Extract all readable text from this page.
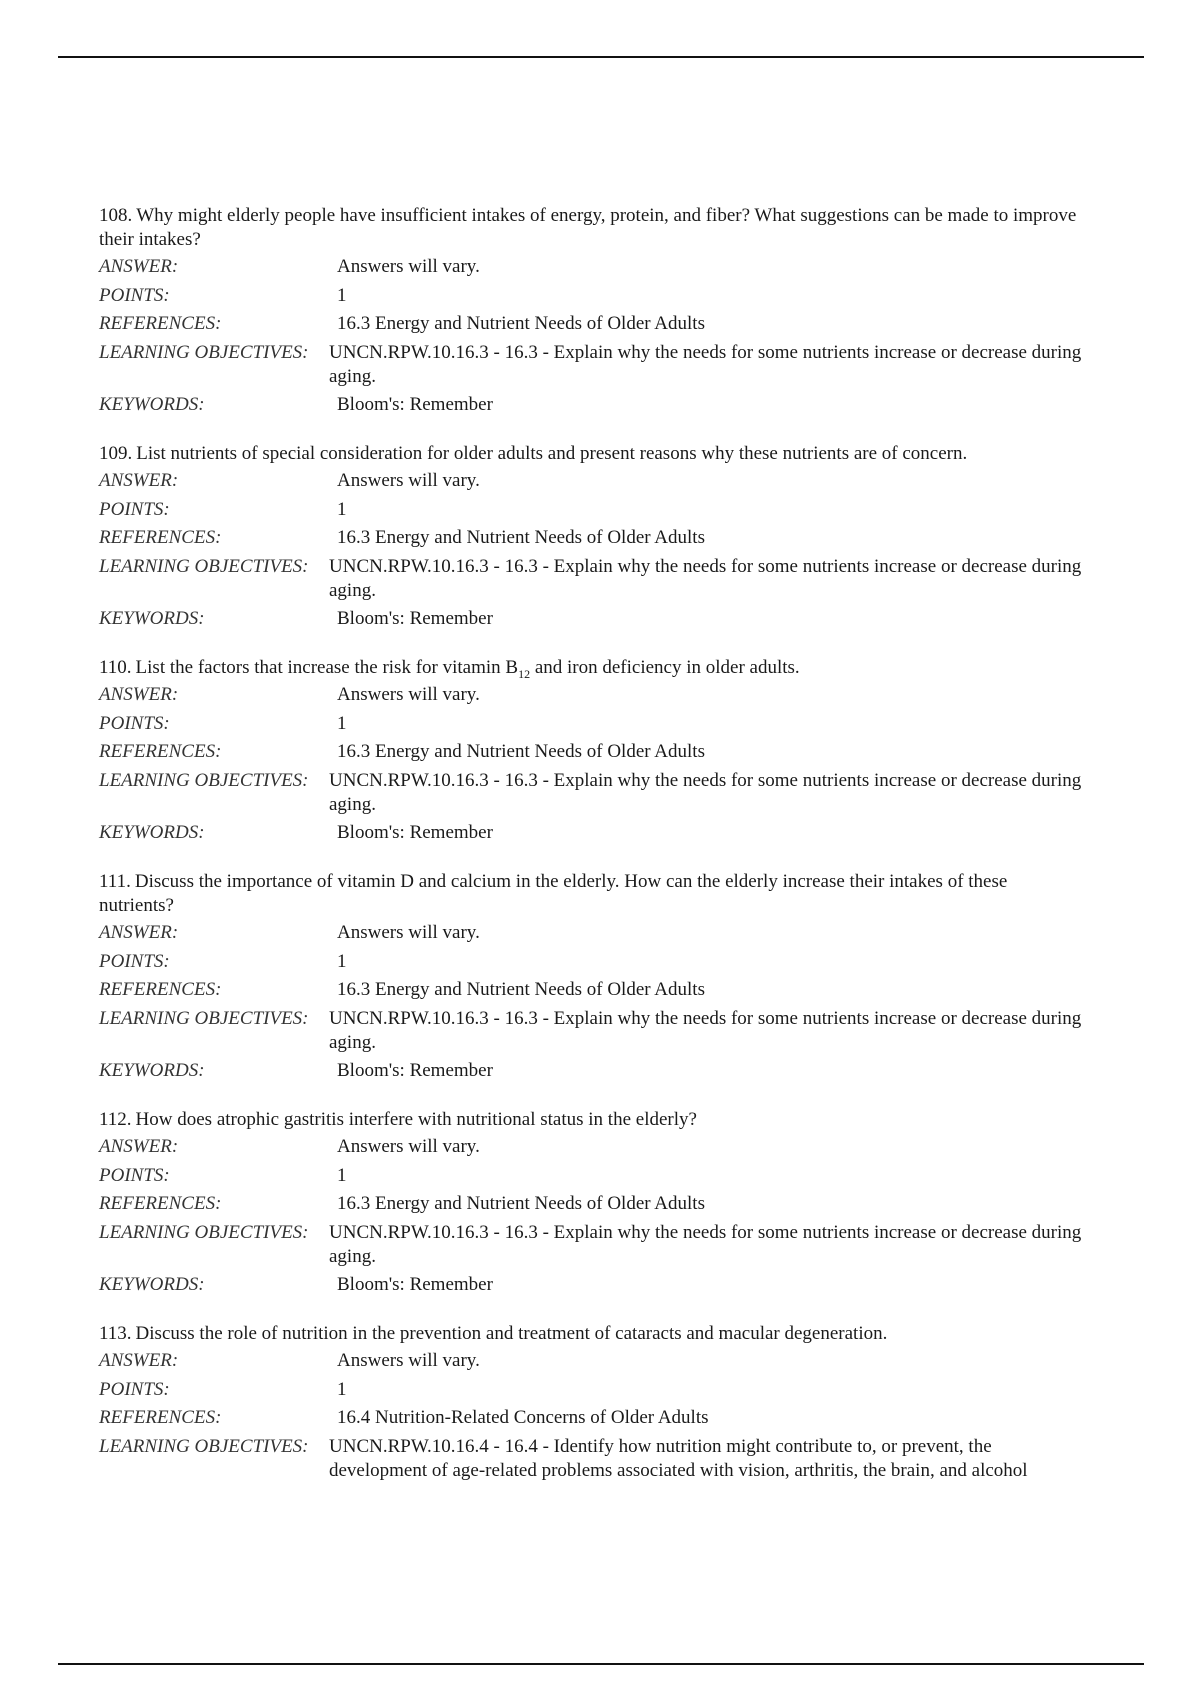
108. Why might elderly people have insufficient intakes of energy, protein, and fiber? What suggestions can be made to improve their intakes?

ANSWER:	Answers will vary.
POINTS:	1
REFERENCES:	16.3 Energy and Nutrient Needs of Older Adults
LEARNING OBJECTIVES:	UNCN.RPW.10.16.3 - 16.3 - Explain why the needs for some nutrients increase or decrease during aging.
KEYWORDS:	Bloom's: Remember

109. List nutrients of special consideration for older adults and present reasons why these nutrients are of concern.

ANSWER:	Answers will vary.
POINTS:	1
REFERENCES:	16.3 Energy and Nutrient Needs of Older Adults
LEARNING OBJECTIVES:	UNCN.RPW.10.16.3 - 16.3 - Explain why the needs for some nutrients increase or decrease during aging.
KEYWORDS:	Bloom's: Remember

110. List the factors that increase the risk for vitamin $B_{12}$ and iron deficiency in older adults.

ANSWER:	Answers will vary.
POINTS:	1
REFERENCES:	16.3 Energy and Nutrient Needs of Older Adults
LEARNING OBJECTIVES:	UNCN.RPW.10.16.3 - 16.3 - Explain why the needs for some nutrients increase or decrease during aging.
KEYWORDS:	Bloom's: Remember

111. Discuss the importance of vitamin D and calcium in the elderly. How can the elderly increase their intakes of these nutrients?

ANSWER:	Answers will vary.
POINTS:	1
REFERENCES:	16.3 Energy and Nutrient Needs of Older Adults
LEARNING OBJECTIVES:	UNCN.RPW.10.16.3 - 16.3 - Explain why the needs for some nutrients increase or decrease during aging.
KEYWORDS:	Bloom's: Remember

112. How does atrophic gastritis interfere with nutritional status in the elderly?

ANSWER:	Answers will vary.
POINTS:	1
REFERENCES:	16.3 Energy and Nutrient Needs of Older Adults
LEARNING OBJECTIVES:	UNCN.RPW.10.16.3 - 16.3 - Explain why the needs for some nutrients increase or decrease during aging.
KEYWORDS:	Bloom's: Remember

113. Discuss the role of nutrition in the prevention and treatment of cataracts and macular degeneration.

ANSWER:	Answers will vary.
POINTS:	1
REFERENCES:	16.4 Nutrition-Related Concerns of Older Adults
LEARNING OBJECTIVES:	UNCN.RPW.10.16.4 - 16.4 - Identify how nutrition might contribute to, or prevent, the development of age-related problems associated with vision, arthritis, the brain, and alcohol
